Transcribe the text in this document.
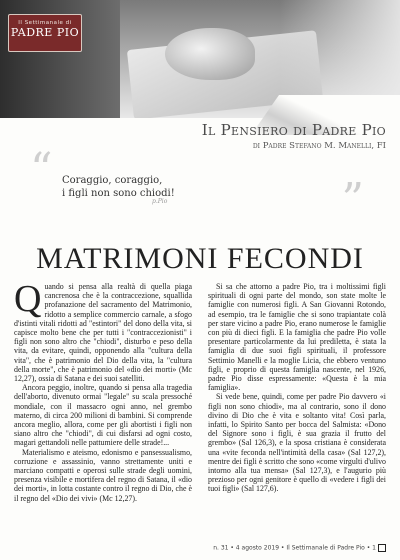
Il Settimanale di
PADRE PIO
Il Pensiero di Padre Pio
di Padre Stefano M. Manelli, FI
“ Coraggio, coraggio,
i figli non sono chiodi!
p.Pio	”
MATRIMONI FECONDI

Quando si pensa alla realtà di quella piaga cancrenosa che è la contraccezione, squallida profanazione del sacramento del Matrimonio, ridotto a semplice commercio carnale, a sfogo d'istinti vitali ridotti ad "estintori" del dono della vita, si capisce molto bene che per tutti i "contraccezionisti" i figli non sono altro che "chiodi", disturbo e peso della vita, da evitare, quindi, opponendo alla "cultura della vita", che è patrimonio del Dio della vita, la "cultura della morte", che è patrimonio del «dio dei morti» (Mc 12,27), ossia di Satana e dei suoi satelliti.

Ancora peggio, inoltre, quando si pensa alla tragedia dell'aborto, divenuto ormai "legale" su scala pressoché mondiale, con il massacro ogni anno, nel grembo materno, di circa 200 milioni di bambini. Si comprende ancora meglio, allora, come per gli abortisti i figli non siano altro che "chiodi", di cui disfarsi ad ogni costo, magari gettandoli nelle pattumiere delle strade!...

Materialismo e ateismo, edonismo e pansessualismo, corruzione e assassinio, vanno strettamente uniti e marciano compatti e operosi sulle strade degli uomini, presenza visibile e mortifera del regno di Satana, il «dio dei morti», in lotta costante contro il regno di Dio, che è il regno del «Dio dei vivi» (Mc 12,27).

Si sa che attorno a padre Pio, tra i moltissimi figli spirituali di ogni parte del mondo, son state molte le famiglie con numerosi figli. A San Giovanni Rotondo, ad esempio, tra le famiglie che si sono trapiantate colà per stare vicino a padre Pio, erano numerose le famiglie con più di dieci figli. E la famiglia che padre Pio volle presentare particolarmente da lui prediletta, è stata la famiglia di due suoi figli spirituali, il professore Settimio Manelli e la moglie Licia, che ebbero ventuno figli, e proprio di questa famiglia nascente, nel 1926, padre Pio disse espressamente: «Questa è la mia famiglia».

Si vede bene, quindi, come per padre Pio davvero «i figli non sono chiodi», ma al contrario, sono il dono divino di Dio che è vita e soltanto vita! Così parla, infatti, lo Spirito Santo per bocca del Salmista: «Dono del Signore sono i figli, è sua grazia il frutto del grembo» (Sal 126,3), e la sposa cristiana è considerata una «vite feconda nell'intimità della casa» (Sal 127,2), mentre dei figli è scritto che sono «come virgulti d'ulivo intorno alla tua mensa» (Sal 127,3), e l'augurio più prezioso per ogni genitore è quello di «vedere i figli dei tuoi figli» (Sal 127,6).

n. 31 • 4 agosto 2019 • Il Settimanale di Padre Pio • 1
